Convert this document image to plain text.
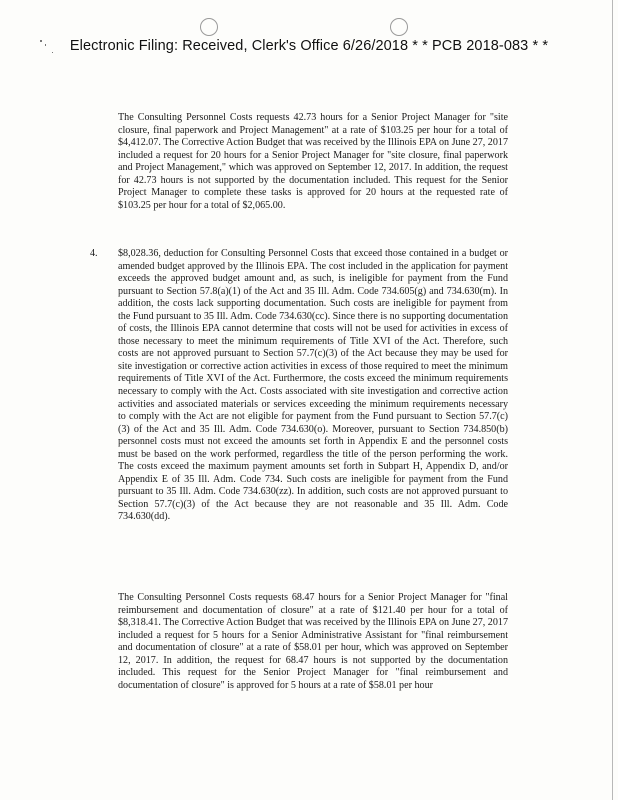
Electronic Filing: Received, Clerk's Office 6/26/2018 * * PCB 2018-083 * *

The Consulting Personnel Costs requests 42.73 hours for a Senior Project Manager for "site closure, final paperwork and Project Management" at a rate of $103.25 per hour for a total of $4,412.07. The Corrective Action Budget that was received by the Illinois EPA on June 27, 2017 included a request for 20 hours for a Senior Project Manager for "site closure, final paperwork and Project Management," which was approved on September 12, 2017. In addition, the request for 42.73 hours is not supported by the documentation included. This request for the Senior Project Manager to complete these tasks is approved for 20 hours at the requested rate of $103.25 per hour for a total of $2,065.00.

4. $8,028.36, deduction for Consulting Personnel Costs that exceed those contained in a budget or amended budget approved by the Illinois EPA. The cost included in the application for payment exceeds the approved budget amount and, as such, is ineligible for payment from the Fund pursuant to Section 57.8(a)(1) of the Act and 35 Ill. Adm. Code 734.605(g) and 734.630(m). In addition, the costs lack supporting documentation. Such costs are ineligible for payment from the Fund pursuant to 35 Ill. Adm. Code 734.630(cc). Since there is no supporting documentation of costs, the Illinois EPA cannot determine that costs will not be used for activities in excess of those necessary to meet the minimum requirements of Title XVI of the Act. Therefore, such costs are not approved pursuant to Section 57.7(c)(3) of the Act because they may be used for site investigation or corrective action activities in excess of those required to meet the minimum requirements of Title XVI of the Act. Furthermore, the costs exceed the minimum requirements necessary to comply with the Act. Costs associated with site investigation and corrective action activities and associated materials or services exceeding the minimum requirements necessary to comply with the Act are not eligible for payment from the Fund pursuant to Section 57.7(c)(3) of the Act and 35 Ill. Adm. Code 734.630(o). Moreover, pursuant to Section 734.850(b) personnel costs must not exceed the amounts set forth in Appendix E and the personnel costs must be based on the work performed, regardless the title of the person performing the work. The costs exceed the maximum payment amounts set forth in Subpart H, Appendix D, and/or Appendix E of 35 Ill. Adm. Code 734. Such costs are ineligible for payment from the Fund pursuant to 35 Ill. Adm. Code 734.630(zz). In addition, such costs are not approved pursuant to Section 57.7(c)(3) of the Act because they are not reasonable and 35 Ill. Adm. Code 734.630(dd).

The Consulting Personnel Costs requests 68.47 hours for a Senior Project Manager for "final reimbursement and documentation of closure" at a rate of $121.40 per hour for a total of $8,318.41. The Corrective Action Budget that was received by the Illinois EPA on June 27, 2017 included a request for 5 hours for a Senior Administrative Assistant for "final reimbursement and documentation of closure" at a rate of $58.01 per hour, which was approved on September 12, 2017. In addition, the request for 68.47 hours is not supported by the documentation included. This request for the Senior Project Manager for "final reimbursement and documentation of closure" is approved for 5 hours at a rate of $58.01 per hour
